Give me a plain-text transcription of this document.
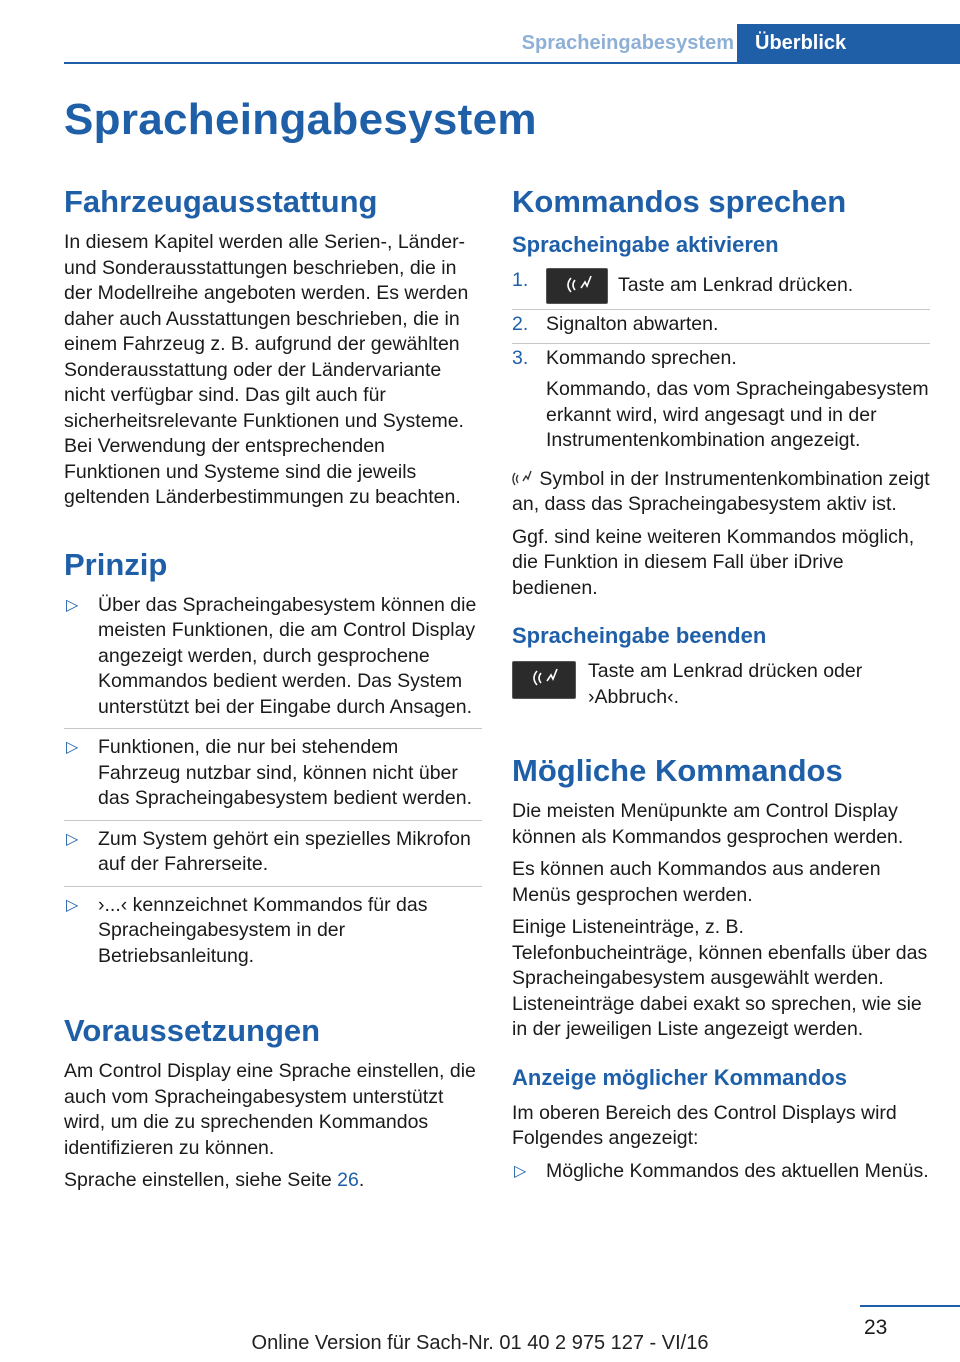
Spracheingabesystem	Überblick
Spracheingabesystem
Fahrzeugausstattung

In diesem Kapitel werden alle Serien-, Länder- und Sonderausstattungen beschrieben, die in der Modellreihe angeboten werden. Es werden daher auch Ausstattungen beschrieben, die in einem Fahrzeug z. B. aufgrund der gewählten Sonderausstattung oder der Ländervariante nicht verfügbar sind. Das gilt auch für sicherheitsrelevante Funktionen und Systeme. Bei Verwendung der entsprechenden Funktionen und Systeme sind die jeweils geltenden Länderbestimmungen zu beachten.

Prinzip
▷ Über das Spracheingabesystem können die meisten Funktionen, die am Control Display angezeigt werden, durch gesprochene Kommandos bedient werden. Das System unterstützt bei der Eingabe durch Ansagen.
▷ Funktionen, die nur bei stehendem Fahrzeug nutzbar sind, können nicht über das Spracheingabesystem bedient werden.
▷ Zum System gehört ein spezielles Mikrofon auf der Fahrerseite.
▷ ›...‹ kennzeichnet Kommandos für das Spracheingabesystem in der Betriebsanleitung.
Voraussetzungen

Am Control Display eine Sprache einstellen, die auch vom Spracheingabesystem unterstützt wird, um die zu sprechenden Kommandos identifizieren zu können.

Sprache einstellen, siehe Seite 26.

Kommandos sprechen
Spracheingabe aktivieren
1.	Taste am Lenkrad drücken.
2. Signalton abwarten.
3. Kommando sprechen.
Kommando, das vom Spracheingabesystem erkannt wird, wird angesagt und in der Instrumentenkombination angezeigt.

Symbol in der Instrumentenkombination zeigt an, dass das Spracheingabesystem aktiv ist.

Ggf. sind keine weiteren Kommandos möglich, die Funktion in diesem Fall über iDrive bedienen.

Spracheingabe beenden

Taste am Lenkrad drücken oder ›Abbruch‹.

Mögliche Kommandos

Die meisten Menüpunkte am Control Display können als Kommandos gesprochen werden.

Es können auch Kommandos aus anderen Menüs gesprochen werden.

Einige Listeneinträge, z. B. Telefonbucheinträge, können ebenfalls über das Spracheingabesystem ausgewählt werden. Listeneinträge dabei exakt so sprechen, wie sie in der jeweiligen Liste angezeigt werden.

Anzeige möglicher Kommandos

Im oberen Bereich des Control Displays wird Folgendes angezeigt:

▷ Mögliche Kommandos des aktuellen Menüs.
23
Online Version für Sach-Nr. 01 40 2 975 127 - VI/16
